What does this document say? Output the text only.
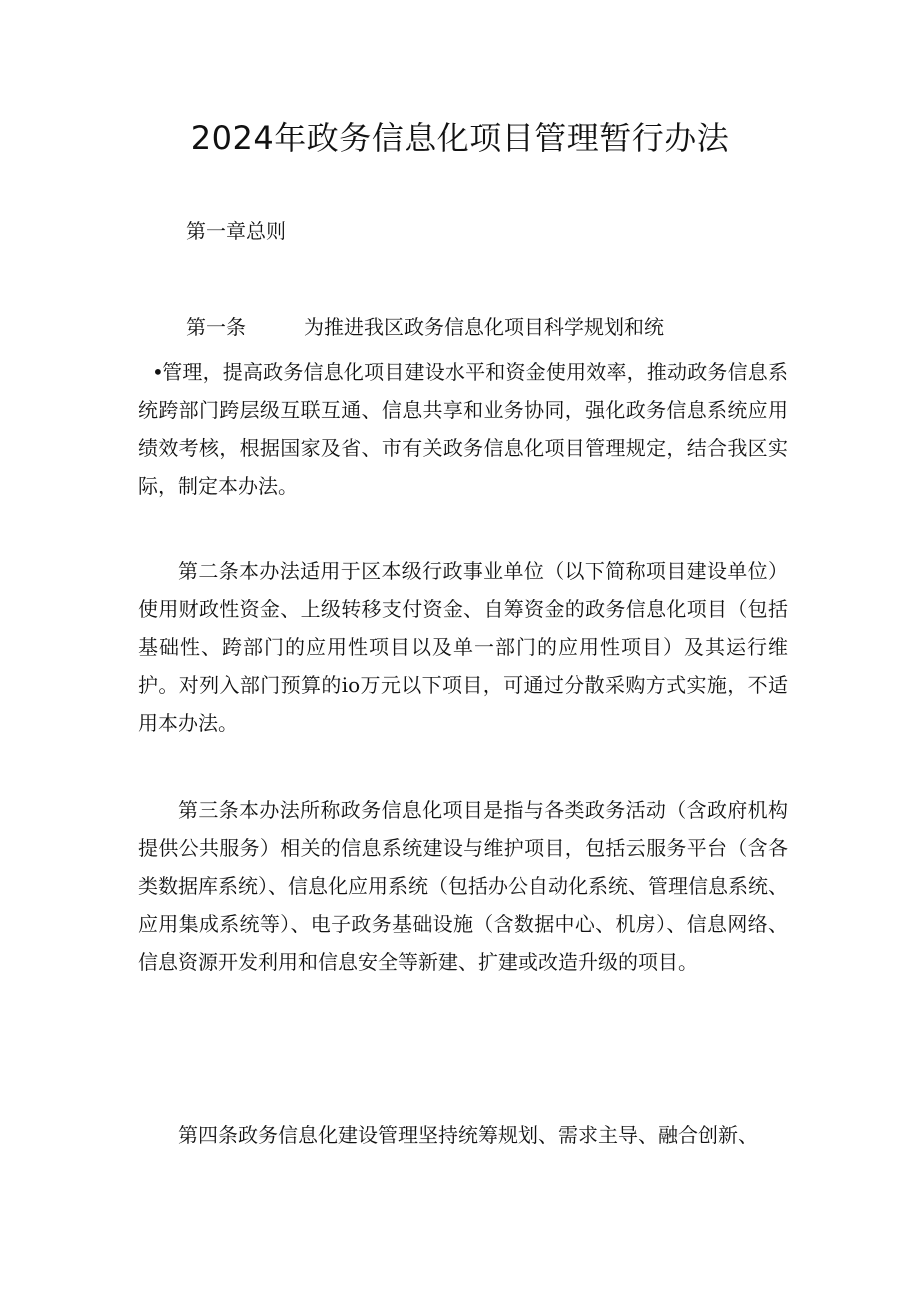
2024年政务信息化项目管理暂行办法
第一章总则
第一条	为推进我区政务信息化项目科学规划和统

•管理，提高政务信息化项目建设水平和资金使用效率，推动政务信息系统跨部门跨层级互联互通、信息共享和业务协同，强化政务信息系统应用绩效考核，根据国家及省、市有关政务信息化项目管理规定，结合我区实际，制定本办法。

第二条本办法适用于区本级行政事业单位（以下简称项目建设单位）使用财政性资金、上级转移支付资金、自筹资金的政务信息化项目（包括基础性、跨部门的应用性项目以及单一部门的应用性项目）及其运行维护。对列入部门预算的io万元以下项目，可通过分散采购方式实施，不适用本办法。

第三条本办法所称政务信息化项目是指与各类政务活动（含政府机构提供公共服务）相关的信息系统建设与维护项目，包括云服务平台（含各类数据库系统）、信息化应用系统（包括办公自动化系统、管理信息系统、应用集成系统等）、电子政务基础设施（含数据中心、机房）、信息网络、信息资源开发利用和信息安全等新建、扩建或改造升级的项目。

第四条政务信息化建设管理坚持统筹规划、需求主导、融合创新、
